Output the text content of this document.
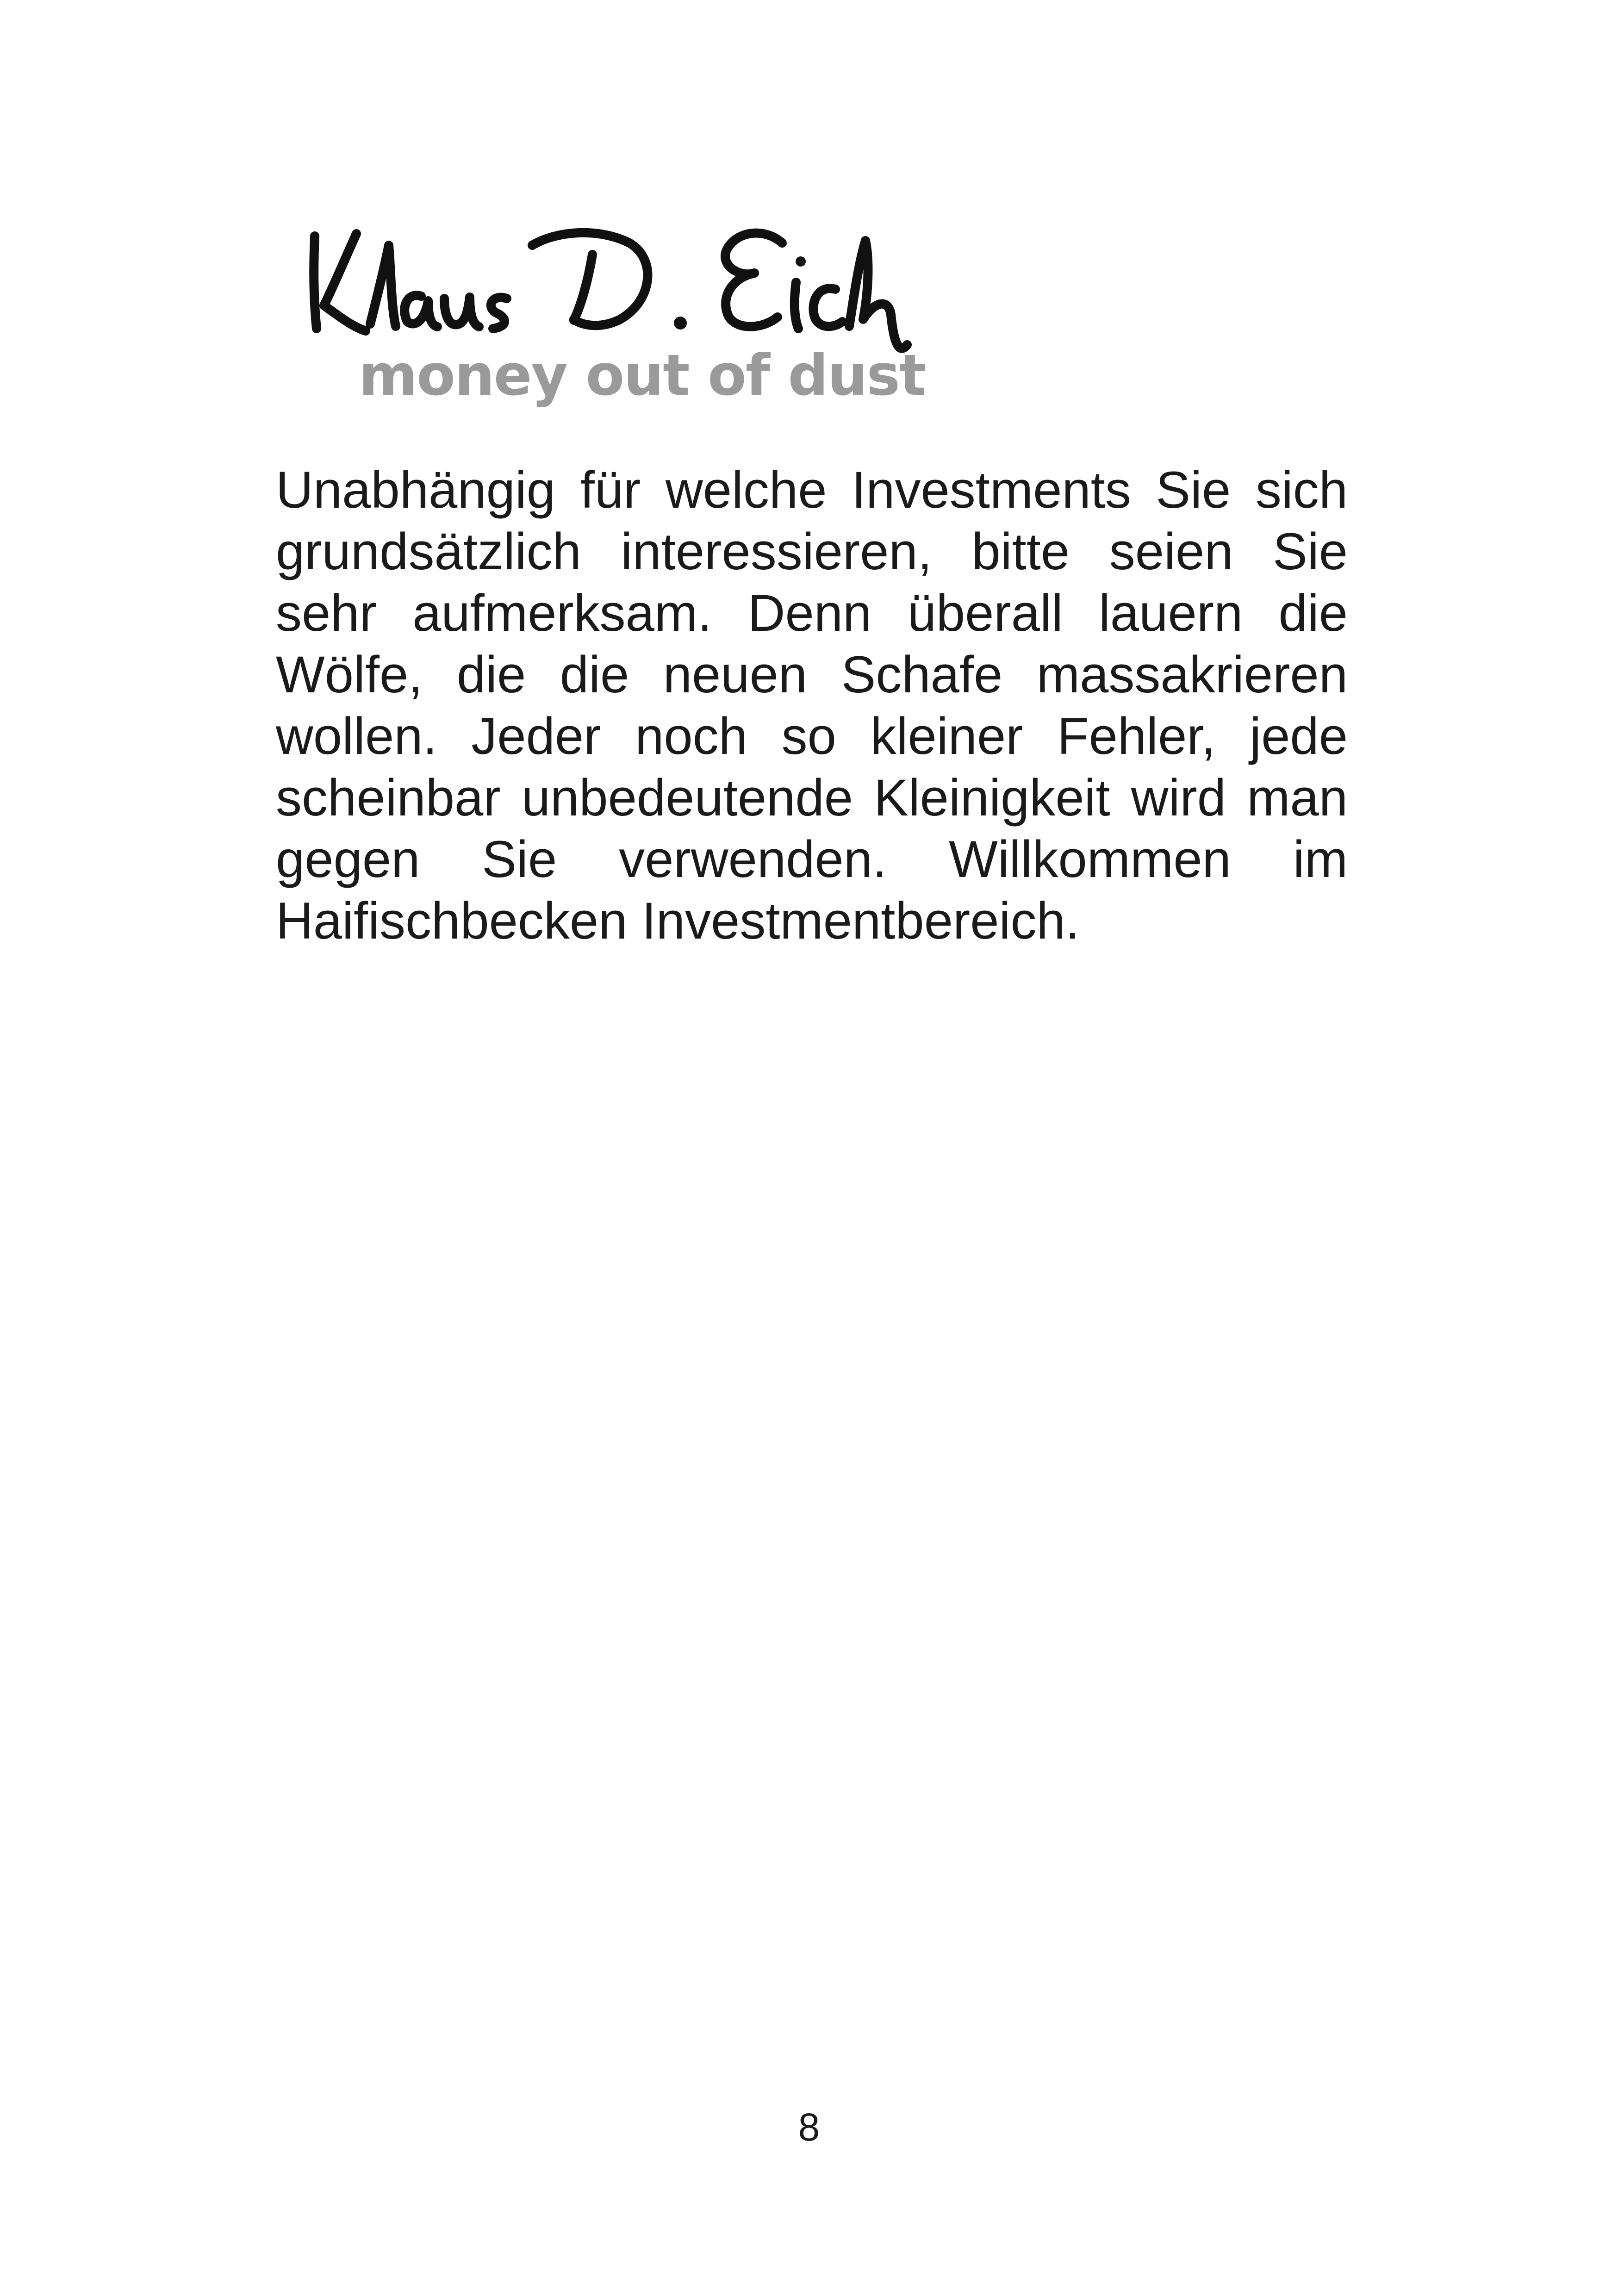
money out of dust
Unabhängig für welche Investments Sie sich grundsätzlich interessieren, bitte seien Sie sehr aufmerksam. Denn überall lauern die Wölfe, die die neuen Schafe massakrieren wollen. Jeder noch so kleiner Fehler, jede scheinbar unbedeutende Kleinigkeit wird man gegen Sie verwenden. Willkommen im Haifischbecken Investmentbereich.
8
